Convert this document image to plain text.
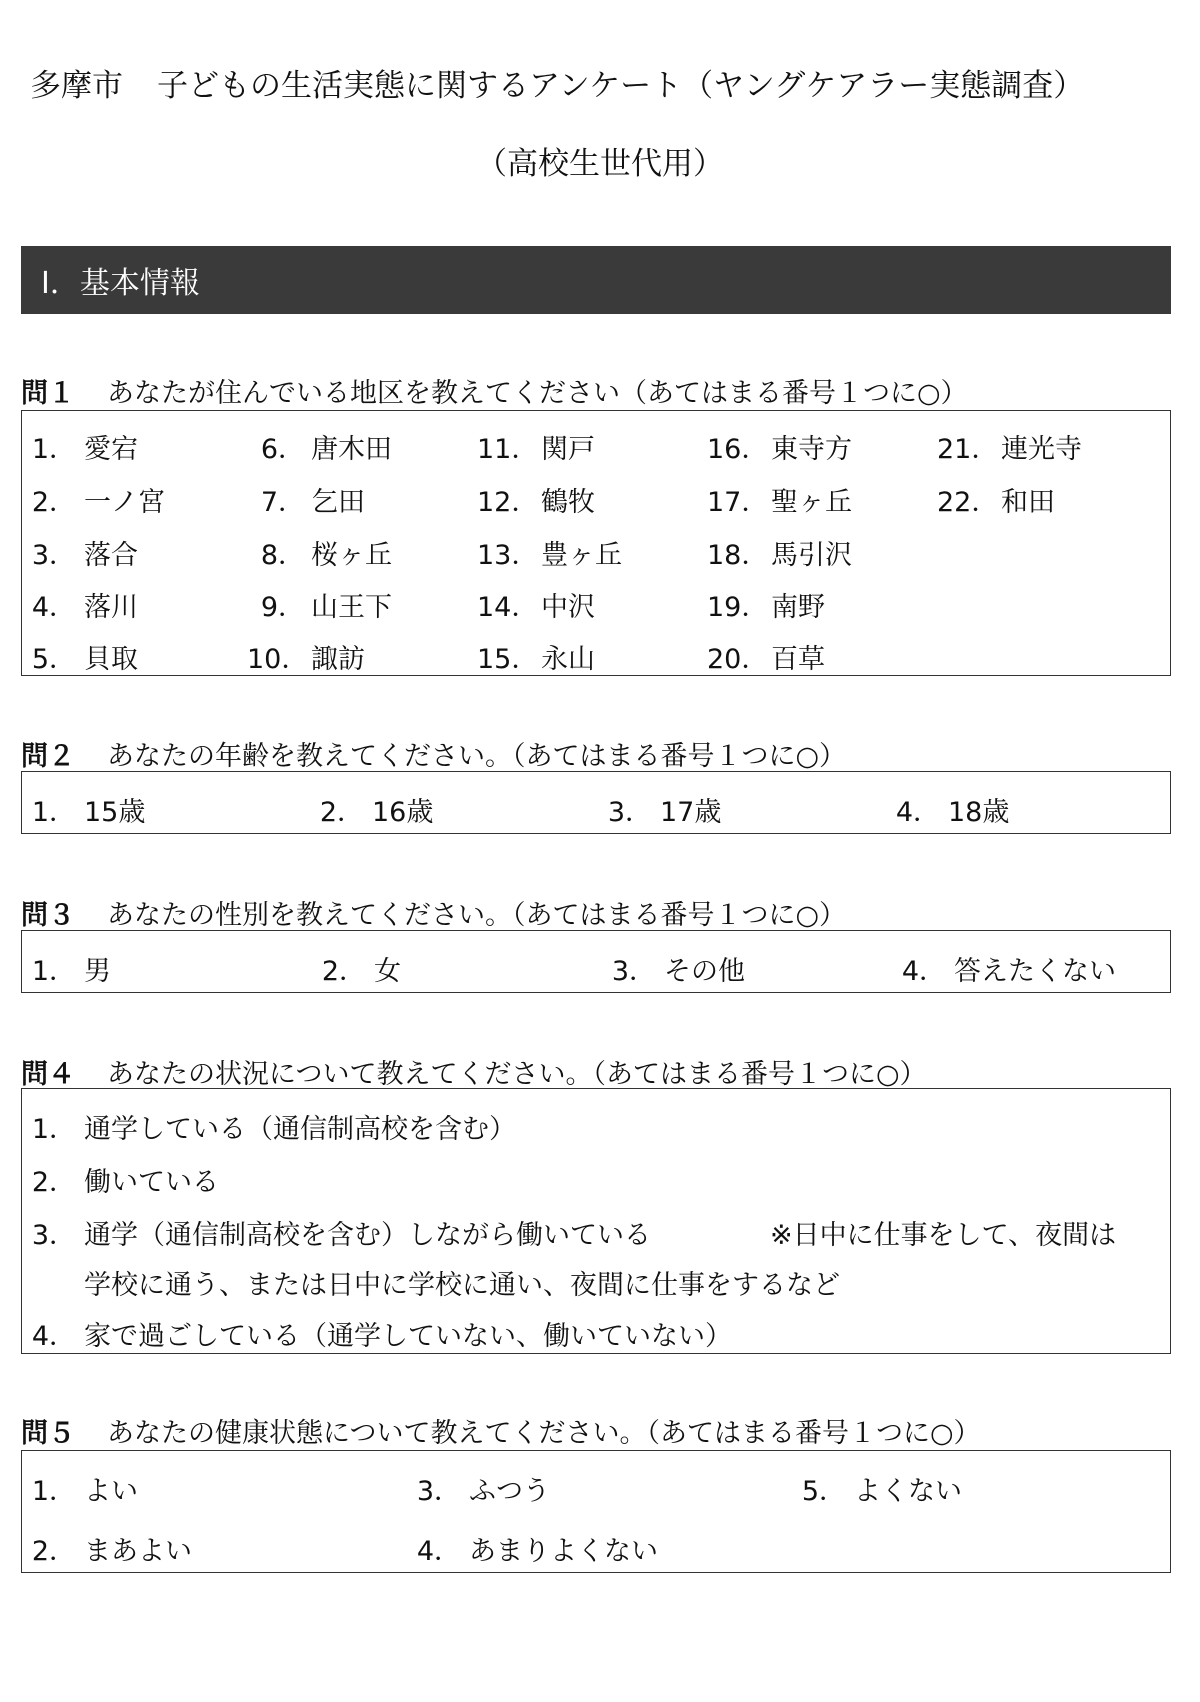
多摩市 子どもの生活実態に関するアンケート（ヤングケアラー実態調査）
（高校生世代用）
Ⅰ．基本情報
問１ あなたが住んでいる地区を教えてください（あてはまる番号１つに○）
1． 愛宕
2． 一ノ宮
3． 落合
4． 落川
5． 貝取
6． 唐木田
7． 乞田
8． 桜ヶ丘
9． 山王下
10．諏訪
11．関戸
12．鶴牧
13．豊ヶ丘
14．中沢
15．永山
16．東寺方
17．聖ヶ丘
18．馬引沢
19．南野
20．百草
21．連光寺
22．和田
問２ あなたの年齢を教えてください。（あてはまる番号１つに○）
1． 15歳	2． 16歳	3． 17歳	4． 18歳
問３ あなたの性別を教えてください。（あてはまる番号１つに○）
1． 男	2． 女	3． その他	4． 答えたくない
問４ あなたの状況について教えてください。（あてはまる番号１つに○）
1． 通学している（通信制高校を含む）
2． 働いている
3． 通学（通信制高校を含む）しながら働いている	※日中に仕事をして、夜間は
学校に通う、または日中に学校に通い、夜間に仕事をするなど
4． 家で過ごしている（通学していない、働いていない）
問５ あなたの健康状態について教えてください。（あてはまる番号１つに○）
1． よい
2． まあよい
3． ふつう
4． あまりよくない
5． よくない
